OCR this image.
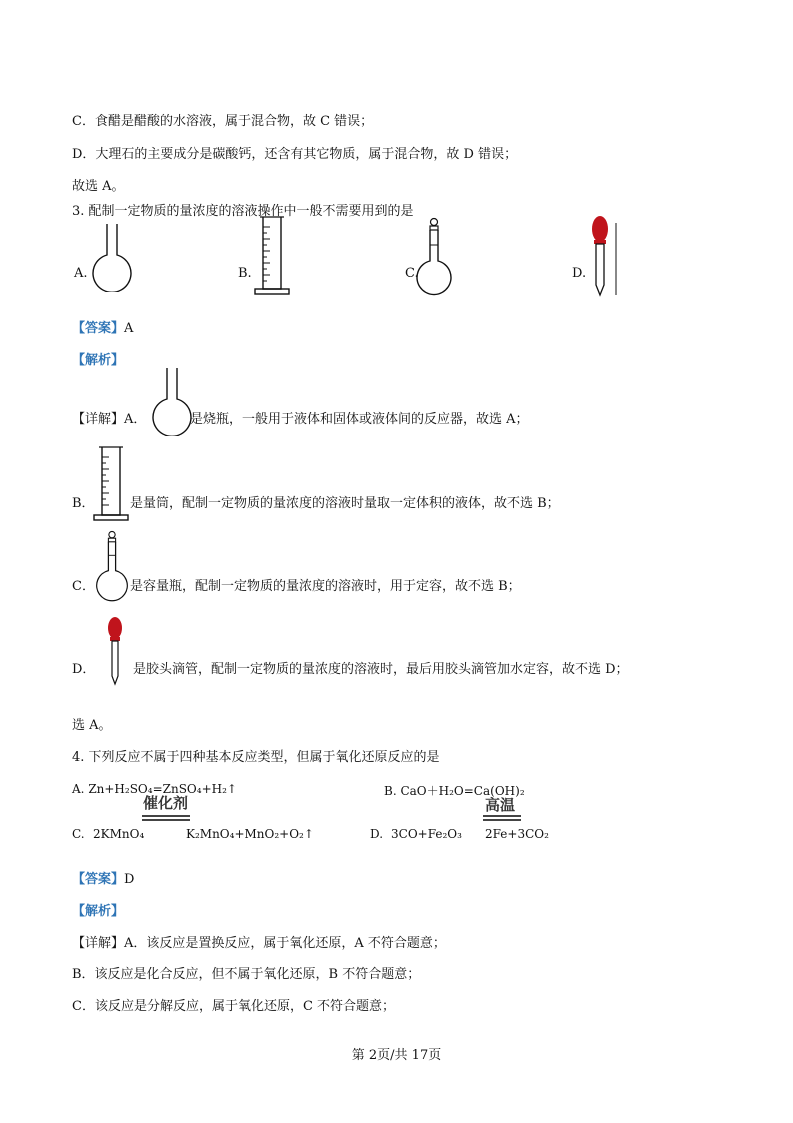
C．食醋是醋酸的水溶液，属于混合物，故 C 错误；
D．大理石的主要成分是碳酸钙，还含有其它物质，属于混合物，故 D 错误；
故选 A。
3. 配制一定物质的量浓度的溶液操作中一般不需要用到的是
A.	B.	C.	D.
【答案】A
【解析】
【详解】A．	是烧瓶，一般用于液体和固体或液体间的反应器，故选 A；
B．	是量筒，配制一定物质的量浓度的溶液时量取一定体积的液体，故不选 B；
C．	是容量瓶，配制一定物质的量浓度的溶液时，用于定容，故不选 B；
D．	是胶头滴管，配制一定物质的量浓度的溶液时，最后用胶头滴管加水定容，故不选 D；
选 A。
4. 下列反应不属于四种基本反应类型，但属于氧化还原反应的是
A. Zn+H₂SO₄=ZnSO₄+H₂↑	B. CaO＋H₂O=Ca(OH)₂
C. 2KMnO₄
催化剂
K₂MnO₄+MnO₂+O₂↑	D. 3CO+Fe₂O₃
高温
2Fe+3CO₂
【答案】D
【解析】
【详解】A．该反应是置换反应，属于氧化还原，A 不符合题意；
B．该反应是化合反应，但不属于氧化还原，B 不符合题意；
C．该反应是分解反应，属于氧化还原，C 不符合题意；
第 2页/共 17页
